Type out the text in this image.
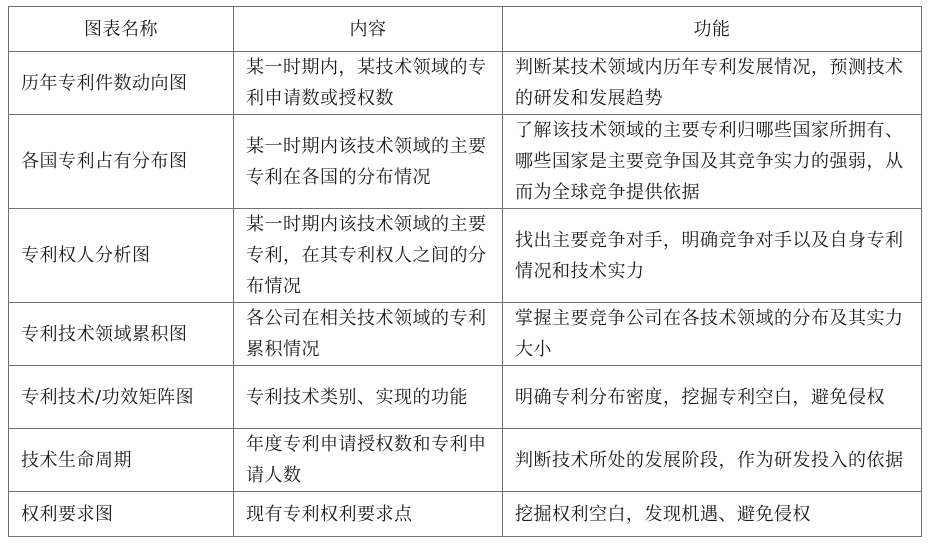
图表名称	内容	功能
历年专利件数动向图	某一时期内，某技术领域的专利申请数或授权数	判断某技术领域内历年专利发展情况，预测技术的研发和发展趋势
各国专利占有分布图	某一时期内该技术领域的主要专利在各国的分布情况	了解该技术领域的主要专利归哪些国家所拥有、哪些国家是主要竞争国及其竞争实力的强弱，从而为全球竞争提供依据
专利权人分析图	某一时期内该技术领域的主要专利，在其专利权人之间的分布情况	找出主要竞争对手，明确竞争对手以及自身专利情况和技术实力
专利技术领域累积图	各公司在相关技术领域的专利累积情况	掌握主要竞争公司在各技术领域的分布及其实力大小
专利技术/功效矩阵图	专利技术类别、实现的功能	明确专利分布密度，挖掘专利空白，避免侵权
技术生命周期	年度专利申请授权数和专利申请人数	判断技术所处的发展阶段，作为研发投入的依据
权利要求图	现有专利权利要求点	挖掘权利空白，发现机遇、避免侵权
